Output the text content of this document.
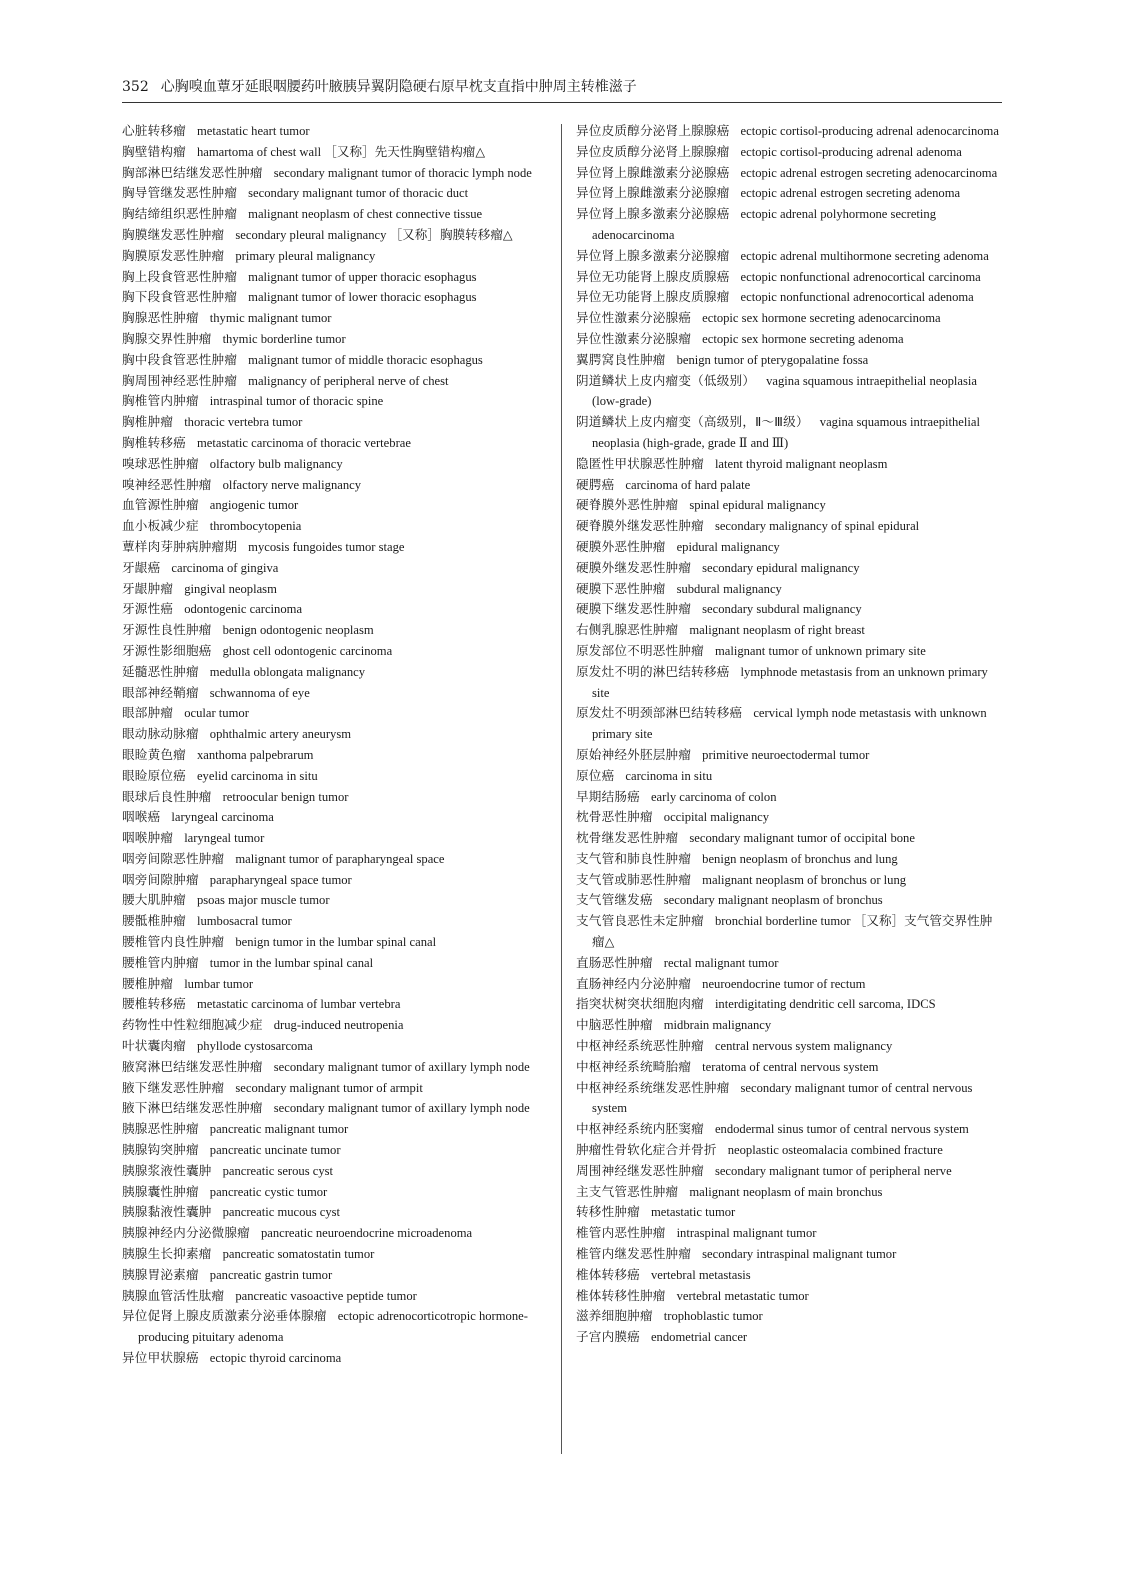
352 心胸嗅血蕈牙延眼咽腰药叶腋胰异翼阴隐硬右原早枕支直指中肿周主转椎滋子
心脏转移瘤 metastatic heart tumor
胸壁错构瘤 hamartoma of chest wall ［又称］先天性胸壁错构瘤△
胸部淋巴结继发恶性肿瘤 secondary malignant tumor of thoracic lymph node
胸导管继发恶性肿瘤 secondary malignant tumor of thoracic duct
胸结缔组织恶性肿瘤 malignant neoplasm of chest connective tissue
胸膜继发恶性肿瘤 secondary pleural malignancy ［又称］胸膜转移瘤△
胸膜原发恶性肿瘤 primary pleural malignancy
胸上段食管恶性肿瘤 malignant tumor of upper thoracic esophagus
胸下段食管恶性肿瘤 malignant tumor of lower thoracic esophagus
胸腺恶性肿瘤 thymic malignant tumor
胸腺交界性肿瘤 thymic borderline tumor
胸中段食管恶性肿瘤 malignant tumor of middle thoracic esophagus
胸周围神经恶性肿瘤 malignancy of peripheral nerve of chest
胸椎管内肿瘤 intraspinal tumor of thoracic spine
胸椎肿瘤 thoracic vertebra tumor
胸椎转移癌 metastatic carcinoma of thoracic vertebrae
嗅球恶性肿瘤 olfactory bulb malignancy
嗅神经恶性肿瘤 olfactory nerve malignancy
血管源性肿瘤 angiogenic tumor
血小板减少症 thrombocytopenia
蕈样肉芽肿病肿瘤期 mycosis fungoides tumor stage
牙龈癌 carcinoma of gingiva
牙龈肿瘤 gingival neoplasm
牙源性癌 odontogenic carcinoma
牙源性良性肿瘤 benign odontogenic neoplasm
牙源性影细胞癌 ghost cell odontogenic carcinoma
延髓恶性肿瘤 medulla oblongata malignancy
眼部神经鞘瘤 schwannoma of eye
眼部肿瘤 ocular tumor
眼动脉动脉瘤 ophthalmic artery aneurysm
眼睑黄色瘤 xanthoma palpebrarum
眼睑原位癌 eyelid carcinoma in situ
眼球后良性肿瘤 retroocular benign tumor
咽喉癌 laryngeal carcinoma
咽喉肿瘤 laryngeal tumor
咽旁间隙恶性肿瘤 malignant tumor of parapharyngeal space
咽旁间隙肿瘤 parapharyngeal space tumor
腰大肌肿瘤 psoas major muscle tumor
腰骶椎肿瘤 lumbosacral tumor
腰椎管内良性肿瘤 benign tumor in the lumbar spinal canal
腰椎管内肿瘤 tumor in the lumbar spinal canal
腰椎肿瘤 lumbar tumor
腰椎转移癌 metastatic carcinoma of lumbar vertebra
药物性中性粒细胞减少症 drug-induced neutropenia
叶状囊肉瘤 phyllode cystosarcoma
腋窝淋巴结继发恶性肿瘤 secondary malignant tumor of axillary lymph node
腋下继发恶性肿瘤 secondary malignant tumor of armpit
腋下淋巴结继发恶性肿瘤 secondary malignant tumor of axillary lymph node
胰腺恶性肿瘤 pancreatic malignant tumor
胰腺钩突肿瘤 pancreatic uncinate tumor
胰腺浆液性囊肿 pancreatic serous cyst
胰腺囊性肿瘤 pancreatic cystic tumor
胰腺黏液性囊肿 pancreatic mucous cyst
胰腺神经内分泌微腺瘤 pancreatic neuroendocrine microadenoma
胰腺生长抑素瘤 pancreatic somatostatin tumor
胰腺胃泌素瘤 pancreatic gastrin tumor
胰腺血管活性肽瘤 pancreatic vasoactive peptide tumor
异位促肾上腺皮质激素分泌垂体腺瘤 ectopic adrenocorticotropic hormone-producing pituitary adenoma
异位甲状腺癌 ectopic thyroid carcinoma
异位皮质醇分泌肾上腺腺癌 ectopic cortisol-producing adrenal adenocarcinoma
异位皮质醇分泌肾上腺腺瘤 ectopic cortisol-producing adrenal adenoma
异位肾上腺雌激素分泌腺癌 ectopic adrenal estrogen secreting adenocarcinoma
异位肾上腺雌激素分泌腺瘤 ectopic adrenal estrogen secreting adenoma
异位肾上腺多激素分泌腺癌 ectopic adrenal polyhormone secreting adenocarcinoma
异位肾上腺多激素分泌腺瘤 ectopic adrenal multihormone secreting adenoma
异位无功能肾上腺皮质腺癌 ectopic nonfunctional adrenocortical carcinoma
异位无功能肾上腺皮质腺瘤 ectopic nonfunctional adrenocortical adenoma
异位性激素分泌腺癌 ectopic sex hormone secreting adenocarcinoma
异位性激素分泌腺瘤 ectopic sex hormone secreting adenoma
翼腭窝良性肿瘤 benign tumor of pterygopalatine fossa
阴道鳞状上皮内瘤变（低级别） vagina squamous intraepithelial neoplasia (low-grade)
阴道鳞状上皮内瘤变（高级别，Ⅱ～Ⅲ级） vagina squamous intraepithelial neoplasia (high-grade, grade Ⅱ and Ⅲ)
隐匿性甲状腺恶性肿瘤 latent thyroid malignant neoplasm
硬腭癌 carcinoma of hard palate
硬脊膜外恶性肿瘤 spinal epidural malignancy
硬脊膜外继发恶性肿瘤 secondary malignancy of spinal epidural
硬膜外恶性肿瘤 epidural malignancy
硬膜外继发恶性肿瘤 secondary epidural malignancy
硬膜下恶性肿瘤 subdural malignancy
硬膜下继发恶性肿瘤 secondary subdural malignancy
右侧乳腺恶性肿瘤 malignant neoplasm of right breast
原发部位不明恶性肿瘤 malignant tumor of unknown primary site
原发灶不明的淋巴结转移癌 lymphnode metastasis from an unknown primary site
原发灶不明颈部淋巴结转移癌 cervical lymph node metastasis with unknown primary site
原始神经外胚层肿瘤 primitive neuroectodermal tumor
原位癌 carcinoma in situ
早期结肠癌 early carcinoma of colon
枕骨恶性肿瘤 occipital malignancy
枕骨继发恶性肿瘤 secondary malignant tumor of occipital bone
支气管和肺良性肿瘤 benign neoplasm of bronchus and lung
支气管或肺恶性肿瘤 malignant neoplasm of bronchus or lung
支气管继发癌 secondary malignant neoplasm of bronchus
支气管良恶性未定肿瘤 bronchial borderline tumor ［又称］支气管交界性肿瘤△
直肠恶性肿瘤 rectal malignant tumor
直肠神经内分泌肿瘤 neuroendocrine tumor of rectum
指突状树突状细胞肉瘤 interdigitating dendritic cell sarcoma, IDCS
中脑恶性肿瘤 midbrain malignancy
中枢神经系统恶性肿瘤 central nervous system malignancy
中枢神经系统畸胎瘤 teratoma of central nervous system
中枢神经系统继发恶性肿瘤 secondary malignant tumor of central nervous system
中枢神经系统内胚窦瘤 endodermal sinus tumor of central nervous system
肿瘤性骨软化症合并骨折 neoplastic osteomalacia combined fracture
周围神经继发恶性肿瘤 secondary malignant tumor of peripheral nerve
主支气管恶性肿瘤 malignant neoplasm of main bronchus
转移性肿瘤 metastatic tumor
椎管内恶性肿瘤 intraspinal malignant tumor
椎管内继发恶性肿瘤 secondary intraspinal malignant tumor
椎体转移癌 vertebral metastasis
椎体转移性肿瘤 vertebral metastatic tumor
滋养细胞肿瘤 trophoblastic tumor
子宫内膜癌 endometrial cancer
